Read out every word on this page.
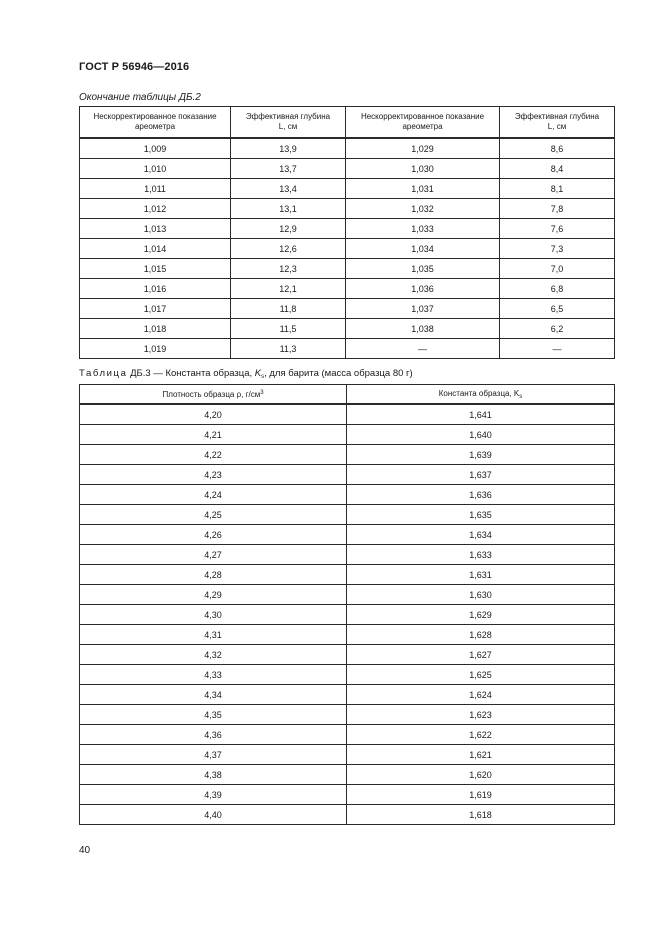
ГОСТ Р 56946—2016
Окончание таблицы ДБ.2
Нескорректированное показание
ареометра	Эффективная глубина
L, см	Нескорректированное показание
ареометра	Эффективная глубина
L, см
1,009	13,9	1,029	8,6
1,010	13,7	1,030	8,4
1,011	13,4	1,031	8,1
1,012	13,1	1,032	7,8
1,013	12,9	1,033	7,6
1,014	12,6	1,034	7,3
1,015	12,3	1,035	7,0
1,016	12,1	1,036	6,8
1,017	11,8	1,037	6,5
1,018	11,5	1,038	6,2
1,019	11,3	—	—
Таблица ДБ.3 — Константа образца, $K_s$, для барита (масса образца 80 г)
Плотность образца ρ, $г/см^3$	Константа образца, $K_s$
4,20	1,641
4,21	1,640
4,22	1,639
4,23	1,637
4,24	1,636
4,25	1,635
4,26	1,634
4,27	1,633
4,28	1,631
4,29	1,630
4,30	1,629
4,31	1,628
4,32	1,627
4,33	1,625
4,34	1,624
4,35	1,623
4,36	1,622
4,37	1,621
4,38	1,620
4,39	1,619
4,40	1,618
40
